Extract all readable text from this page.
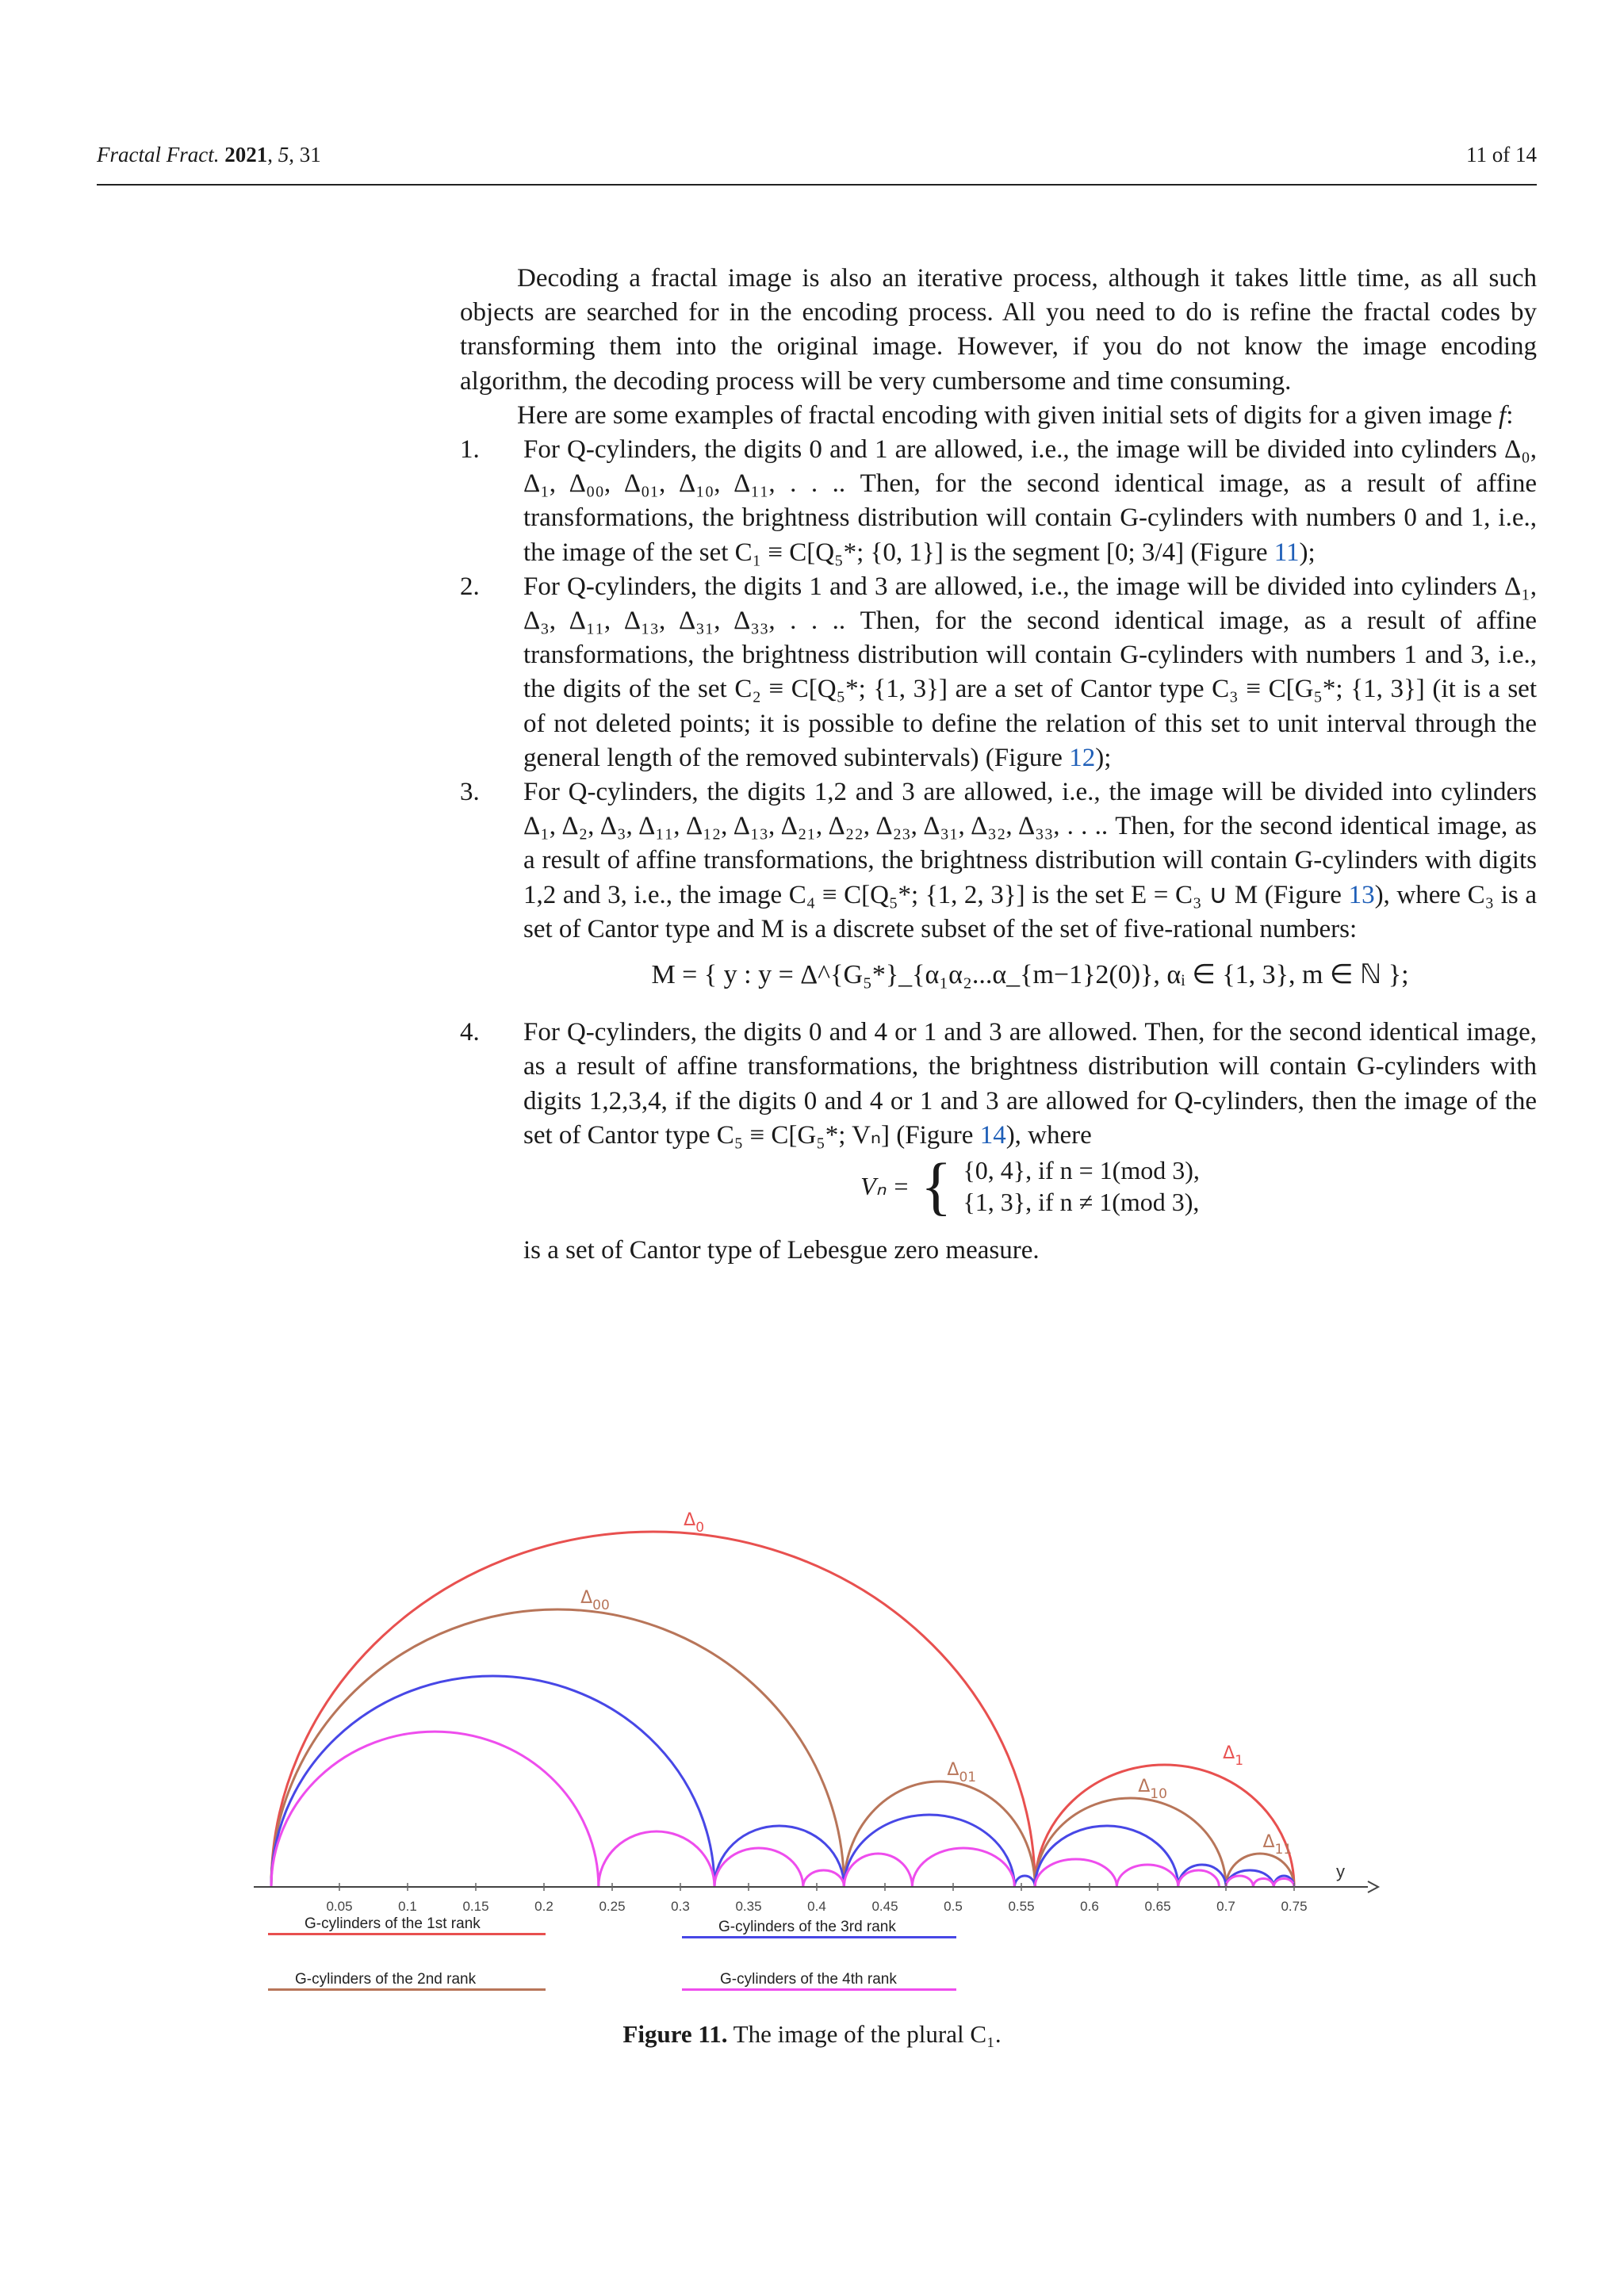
Fractal Fract. 2021, 5, 31	11 of 14

Decoding a fractal image is also an iterative process, although it takes little time, as all such objects are searched for in the encoding process. All you need to do is refine the fractal codes by transforming them into the original image. However, if you do not know the image encoding algorithm, the decoding process will be very cumbersome and time consuming.

Here are some examples of fractal encoding with given initial sets of digits for a given image f:

1. For Q-cylinders, the digits 0 and 1 are allowed, i.e., the image will be divided into cylinders Δ₀, Δ₁, Δ₀₀, Δ₀₁, Δ₁₀, Δ₁₁, . . .. Then, for the second identical image, as a result of affine transformations, the brightness distribution will contain G-cylinders with numbers 0 and 1, i.e., the image of the set C₁ ≡ C[Q₅*; {0, 1}] is the segment [0; 3/4] (Figure 11);
2. For Q-cylinders, the digits 1 and 3 are allowed, i.e., the image will be divided into cylinders Δ₁, Δ₃, Δ₁₁, Δ₁₃, Δ₃₁, Δ₃₃, . . .. Then, for the second identical image, as a result of affine transformations, the brightness distribution will contain G-cylinders with numbers 1 and 3, i.e., the digits of the set C₂ ≡ C[Q₅*; {1, 3}] are a set of Cantor type C₃ ≡ C[G₅*; {1, 3}] (it is a set of not deleted points; it is possible to define the relation of this set to unit interval through the general length of the removed subintervals) (Figure 12);
3. For Q-cylinders, the digits 1,2 and 3 are allowed, i.e., the image will be divided into cylinders Δ₁, Δ₂, Δ₃, Δ₁₁, Δ₁₂, Δ₁₃, Δ₂₁, Δ₂₂, Δ₂₃, Δ₃₁, Δ₃₂, Δ₃₃, . . .. Then, for the second identical image, as a result of affine transformations, the brightness distribution will contain G-cylinders with digits 1,2 and 3, i.e., the image C₄ ≡ C[Q₅*; {1, 2, 3}] is the set E = C₃ ∪ M (Figure 13), where C₃ is a set of Cantor type and M is a discrete subset of the set of five-rational numbers:
M = { y : y = Δ^{G₅*}_{α₁α₂...α_{m−1}2(0)}, αᵢ ∈ {1, 3}, m ∈ ℕ };
4. For Q-cylinders, the digits 0 and 4 or 1 and 3 are allowed. Then, for the second identical image, as a result of affine transformations, the brightness distribution will contain G-cylinders with digits 1,2,3,4, if the digits 0 and 4 or 1 and 3 are allowed for Q-cylinders, then the image of the set of Cantor type C₅ ≡ C[G₅*; Vₙ] (Figure 14), where
Vₙ = { {0, 4}, if n = 1(mod 3),
{1, 3}, if n ≠ 1(mod 3),
is a set of Cantor type of Lebesgue zero measure.
y
0.05	0.1	0.15	0.2	0.25	0.3	0.35	0.4	0.45	0.5	0.55	0.6	0.65	0.7	0.75
$\Delta_0$
$\Delta_1$
$\Delta_{00}$
$\Delta_{01}$	$\Delta_{10}$
$\Delta_{11}$
G-cylinders of the 1st rank	G-cylinders of the 3rd rank
G-cylinders of the 2nd rank	G-cylinders of the 4th rank
Figure 11. The image of the plural C₁.
